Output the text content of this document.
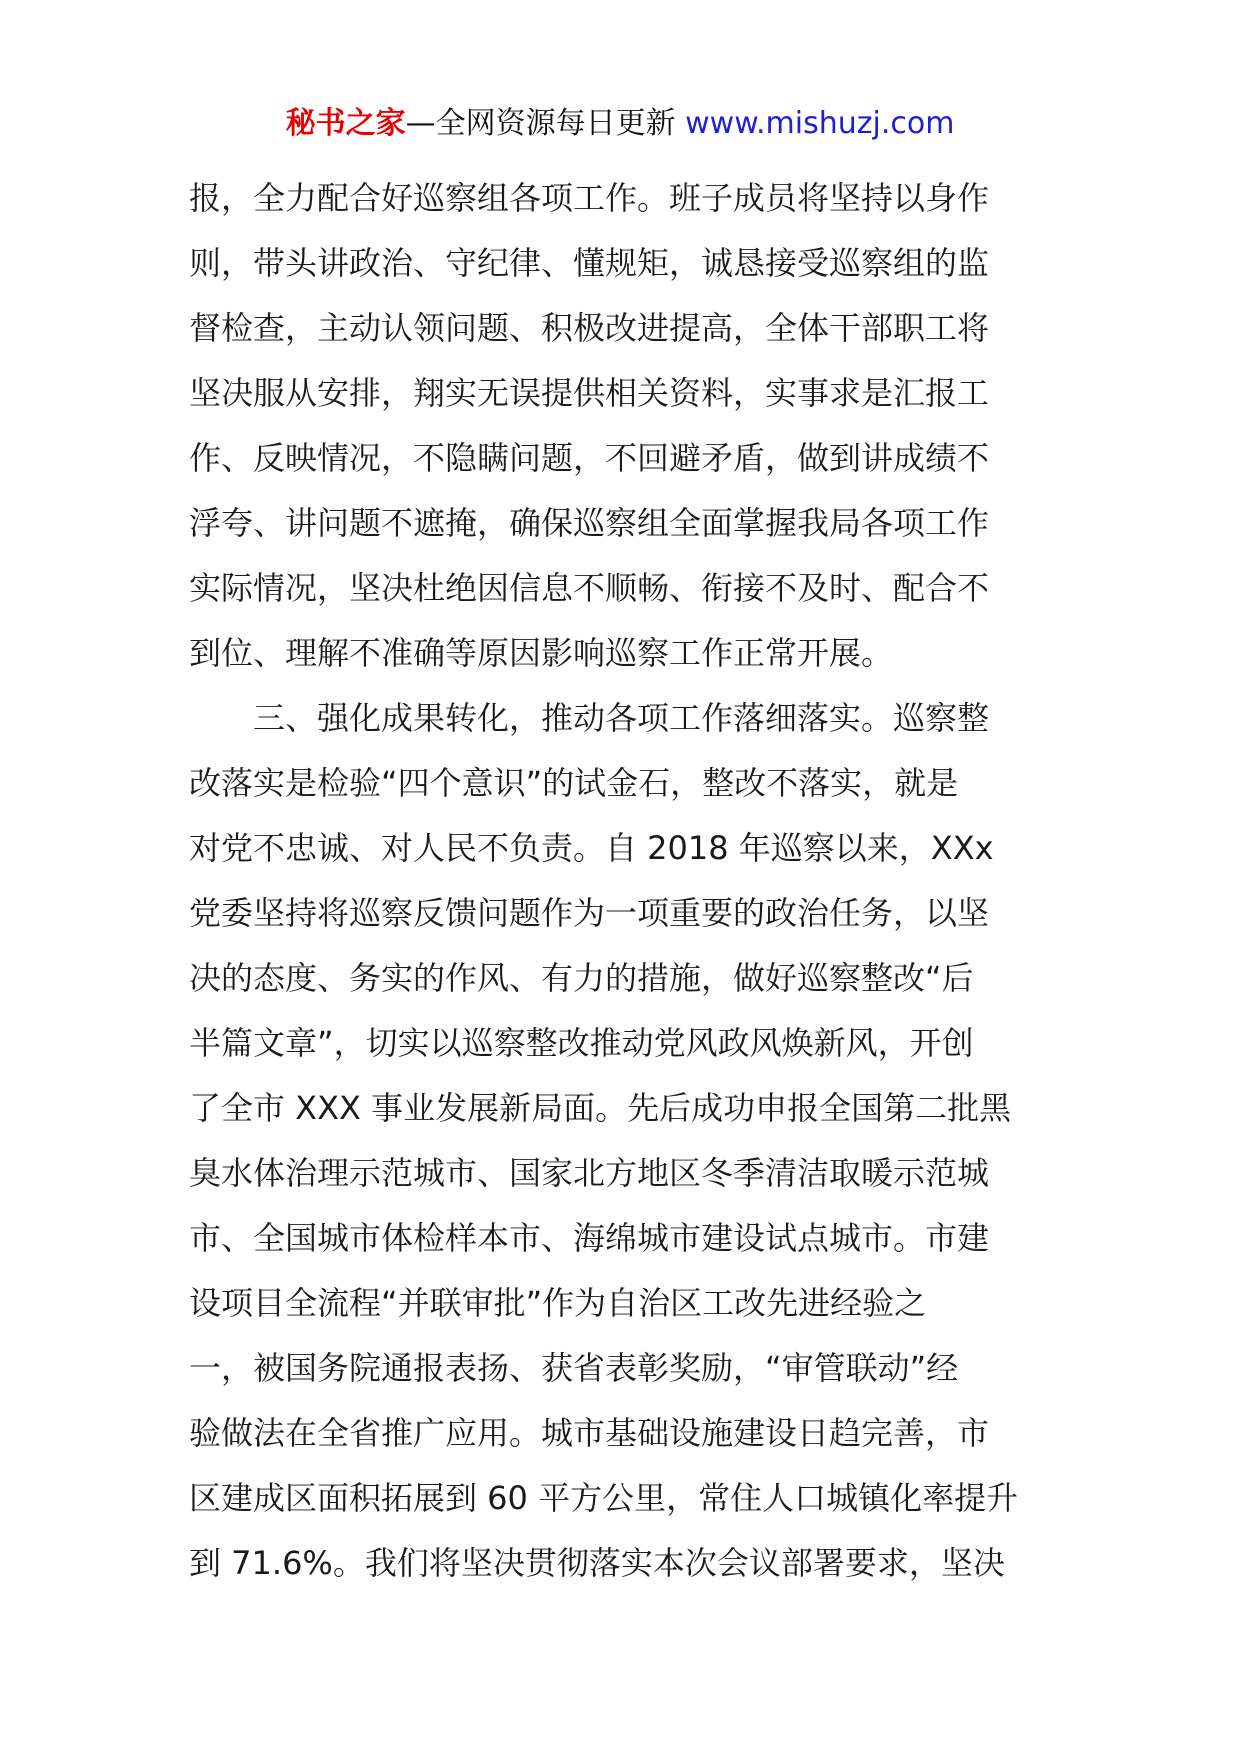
秘书之家—全网资源每日更新 www.mishuzj.com
报，全力配合好巡察组各项工作。班子成员将坚持以身作
则，带头讲政治、守纪律、懂规矩，诚恳接受巡察组的监
督检查，主动认领问题、积极改进提高，全体干部职工将
坚决服从安排，翔实无误提供相关资料，实事求是汇报工
作、反映情况，不隐瞒问题，不回避矛盾，做到讲成绩不
浮夸、讲问题不遮掩，确保巡察组全面掌握我局各项工作
实际情况，坚决杜绝因信息不顺畅、衔接不及时、配合不
到位、理解不准确等原因影响巡察工作正常开展。
三、强化成果转化，推动各项工作落细落实。巡察整
改落实是检验“四个意识”的试金石，整改不落实，就是
对党不忠诚、对人民不负责。自 2018 年巡察以来，XXx
党委坚持将巡察反馈问题作为一项重要的政治任务，以坚
决的态度、务实的作风、有力的措施，做好巡察整改“后
半篇文章”，切实以巡察整改推动党风政风焕新风，开创
了全市 XXX 事业发展新局面。先后成功申报全国第二批黑
臭水体治理示范城市、国家北方地区冬季清洁取暖示范城
市、全国城市体检样本市、海绵城市建设试点城市。市建
设项目全流程“并联审批”作为自治区工改先进经验之
一，被国务院通报表扬、获省表彰奖励，“审管联动”经
验做法在全省推广应用。城市基础设施建设日趋完善，市
区建成区面积拓展到 60 平方公里，常住人口城镇化率提升
到 71.6%。我们将坚决贯彻落实本次会议部署要求，坚决
